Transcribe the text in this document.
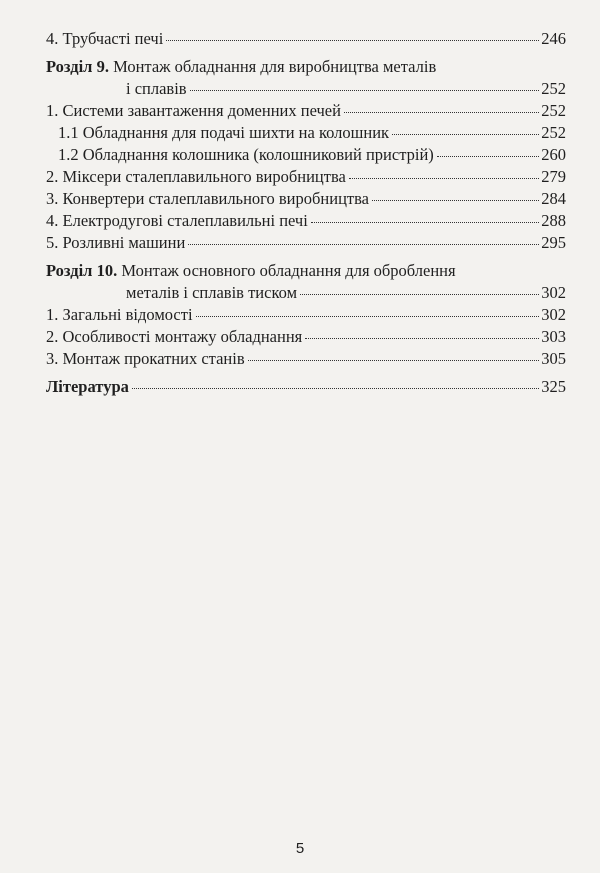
4. Трубчасті печі	246
Розділ 9. Монтаж обладнання для виробництва металів
і сплавів	252
1. Системи завантаження доменних печей	252
1.1 Обладнання для подачі шихти на колошник	252
1.2 Обладнання колошника (колошниковий пристрій)	260
2. Міксери сталеплавильного виробництва	279
3. Конвертери сталеплавильного виробництва	284
4. Електродугові сталеплавильні печі	288
5. Розливні машини	295
Розділ 10. Монтаж основного обладнання для оброблення
металів і сплавів тиском	302
1. Загальні відомості	302
2. Особливості монтажу обладнання	303
3. Монтаж прокатних станів	305
Література	325
5
